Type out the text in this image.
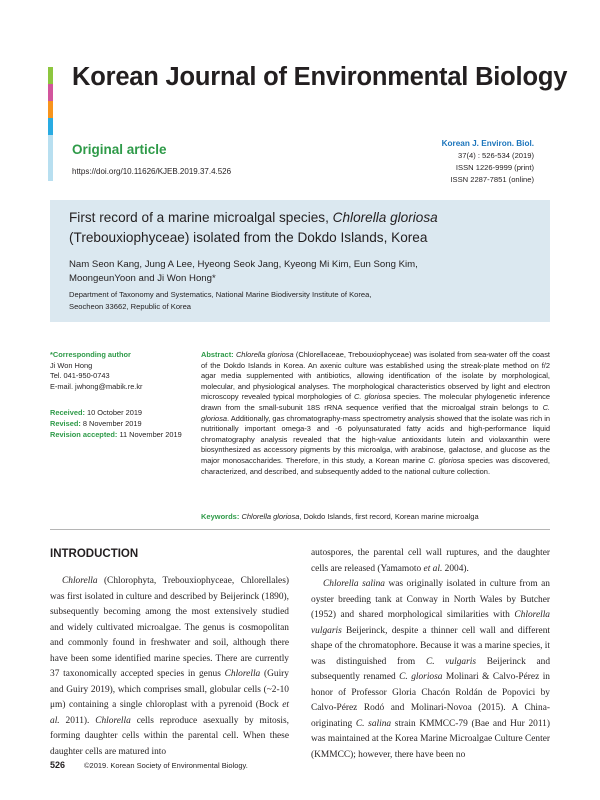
Korean Journal of Environmental Biology
Original article
https://doi.org/10.11626/KJEB.2019.37.4.526
Korean J. Environ. Biol.
37(4) : 526-534 (2019)
ISSN 1226-9999 (print)
ISSN 2287-7851 (online)
First record of a marine microalgal species, Chlorella gloriosa (Trebouxiophyceae) isolated from the Dokdo Islands, Korea
Nam Seon Kang, Jung A Lee, Hyeong Seok Jang, Kyeong Mi Kim, Eun Song Kim,
MoongeunYoon and Ji Won Hong*
Department of Taxonomy and Systematics, National Marine Biodiversity Institute of Korea,
Seocheon 33662, Republic of Korea
*Corresponding author
Ji Won Hong
Tel. 041-950-0743
E-mail. jwhong@mabik.re.kr
Received: 10 October 2019
Revised: 8 November 2019
Revision accepted: 11 November 2019
Abstract: Chlorella gloriosa (Chlorellaceae, Trebouxiophyceae) was isolated from sea-water off the coast of the Dokdo Islands in Korea. An axenic culture was established using the streak-plate method on f/2 agar media supplemented with antibiotics, allowing identification of the isolate by morphological, molecular, and physiological analyses. The morphological characteristics observed by light and electron microscopy revealed typical morphologies of C. gloriosa species. The molecular phylogenetic inference drawn from the small-subunit 18S rRNA sequence verified that the microalgal strain belongs to C. gloriosa. Additionally, gas chromatography-mass spectrometry analysis showed that the isolate was rich in nutritionally important omega-3 and -6 polyunsaturated fatty acids and high-performance liquid chromatography analysis revealed that the high-value antioxidants lutein and violaxanthin were biosynthesized as accessory pigments by this microalga, with arabinose, galactose, and glucose as the major monosaccharides. Therefore, in this study, a Korean marine C. gloriosa species was discovered, characterized, and described, and subsequently added to the national culture collection.
Keywords: Chlorella gloriosa, Dokdo Islands, first record, Korean marine microalga
INTRODUCTION

Chlorella (Chlorophyta, Trebouxiophyceae, Chlorellales) was first isolated in culture and described by Beijerinck (1890), subsequently becoming among the most extensively studied and widely cultivated microalgae. The genus is cosmopolitan and commonly found in freshwater and soil, although there have been some identified marine species. There are currently 37 taxonomically accepted species in genus Chlorella (Guiry and Guiry 2019), which comprises small, globular cells (~2-10 μm) containing a single chloroplast with a pyrenoid (Bock et al. 2011). Chlorella cells reproduce asexually by mitosis, forming daughter cells within the parental cell. When these daughter cells are matured into

autospores, the parental cell wall ruptures, and the daughter cells are released (Yamamoto et al. 2004).

Chlorella salina was originally isolated in culture from an oyster breeding tank at Conway in North Wales by Butcher (1952) and shared morphological similarities with Chlorella vulgaris Beijerinck, despite a thinner cell wall and different shape of the chromatophore. Because it was a marine species, it was distinguished from C. vulgaris Beijerinck and subsequently renamed C. gloriosa Molinari & Calvo-Pérez in honor of Professor Gloria Chacón Roldán de Popovici by Calvo-Pérez Rodó and Molinari-Novoa (2015). A China-originating C. salina strain KMMCC-79 (Bae and Hur 2011) was maintained at the Korea Marine Microalgae Culture Center (KMMCC); however, there have been no

526	©2019. Korean Society of Environmental Biology.
